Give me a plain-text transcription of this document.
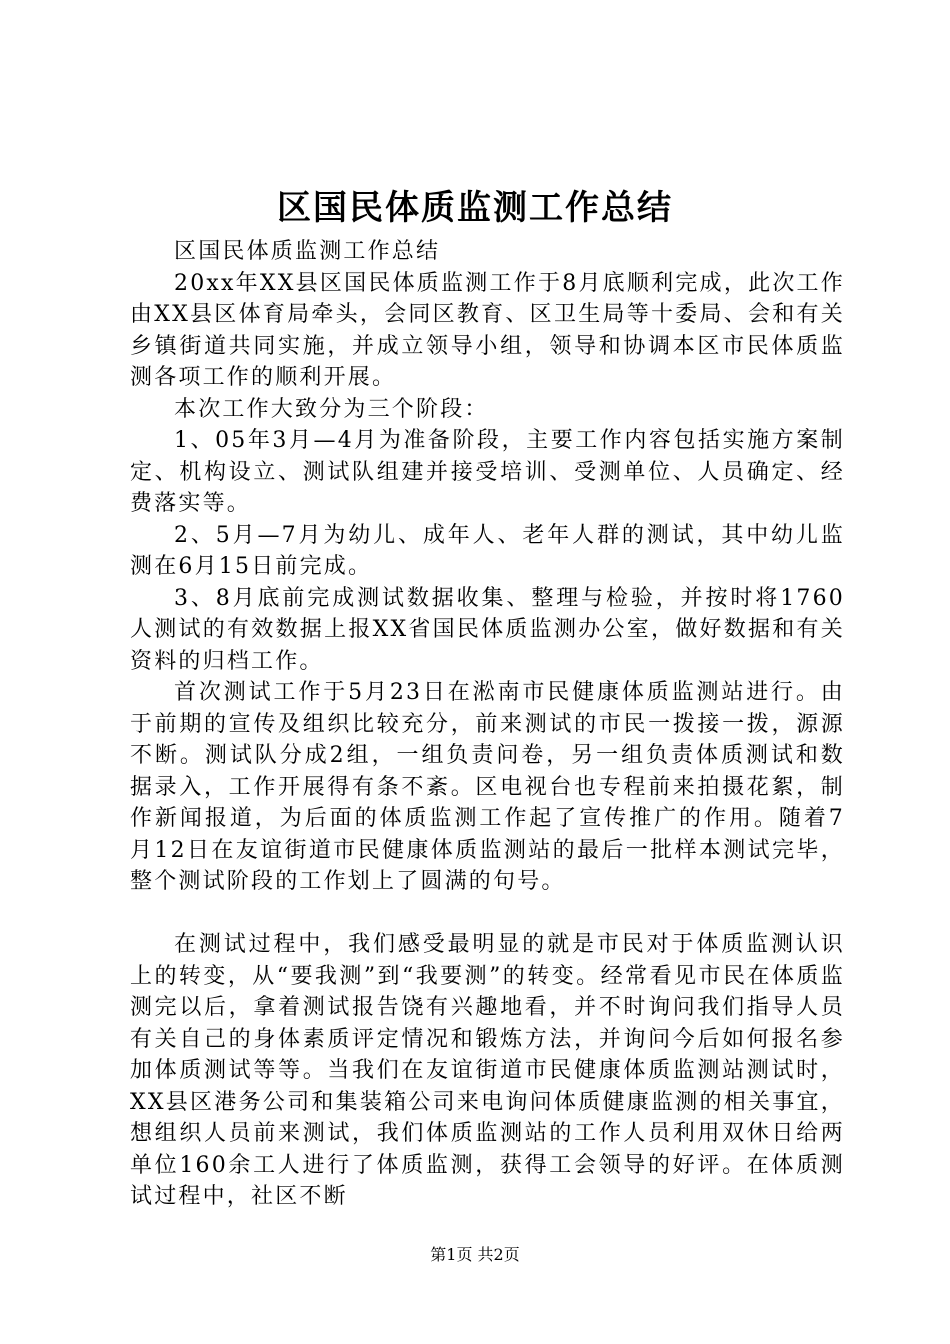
区国民体质监测工作总结

区国民体质监测工作总结

20xx年XX县区国民体质监测工作于8月底顺利完成，此次工作由XX县区体育局牵头，会同区教育、区卫生局等十委局、会和有关乡镇街道共同实施，并成立领导小组，领导和协调本区市民体质监测各项工作的顺利开展。

本次工作大致分为三个阶段：

1、05年3月—4月为准备阶段，主要工作内容包括实施方案制定、机构设立、测试队组建并接受培训、受测单位、人员确定、经费落实等。

2、5月—7月为幼儿、成年人、老年人群的测试，其中幼儿监测在6月15日前完成。

3、8月底前完成测试数据收集、整理与检验，并按时将1760人测试的有效数据上报XX省国民体质监测办公室，做好数据和有关资料的归档工作。

首次测试工作于5月23日在淞南市民健康体质监测站进行。由于前期的宣传及组织比较充分，前来测试的市民一拨接一拨，源源不断。测试队分成2组，一组负责问卷，另一组负责体质测试和数据录入，工作开展得有条不紊。区电视台也专程前来拍摄花絮，制作新闻报道，为后面的体质监测工作起了宣传推广的作用。随着7月12日在友谊街道市民健康体质监测站的最后一批样本测试完毕，整个测试阶段的工作划上了圆满的句号。

在测试过程中，我们感受最明显的就是市民对于体质监测认识上的转变，从“要我测”到“我要测”的转变。经常看见市民在体质监测完以后，拿着测试报告饶有兴趣地看，并不时询问我们指导人员有关自己的身体素质评定情况和锻炼方法，并询问今后如何报名参加体质测试等等。当我们在友谊街道市民健康体质监测站测试时，XX县区港务公司和集装箱公司来电询问体质健康监测的相关事宜，想组织人员前来测试，我们体质监测站的工作人员利用双休日给两单位160余工人进行了体质监测，获得工会领导的好评。在体质测试过程中，社区不断

第1页 共2页
